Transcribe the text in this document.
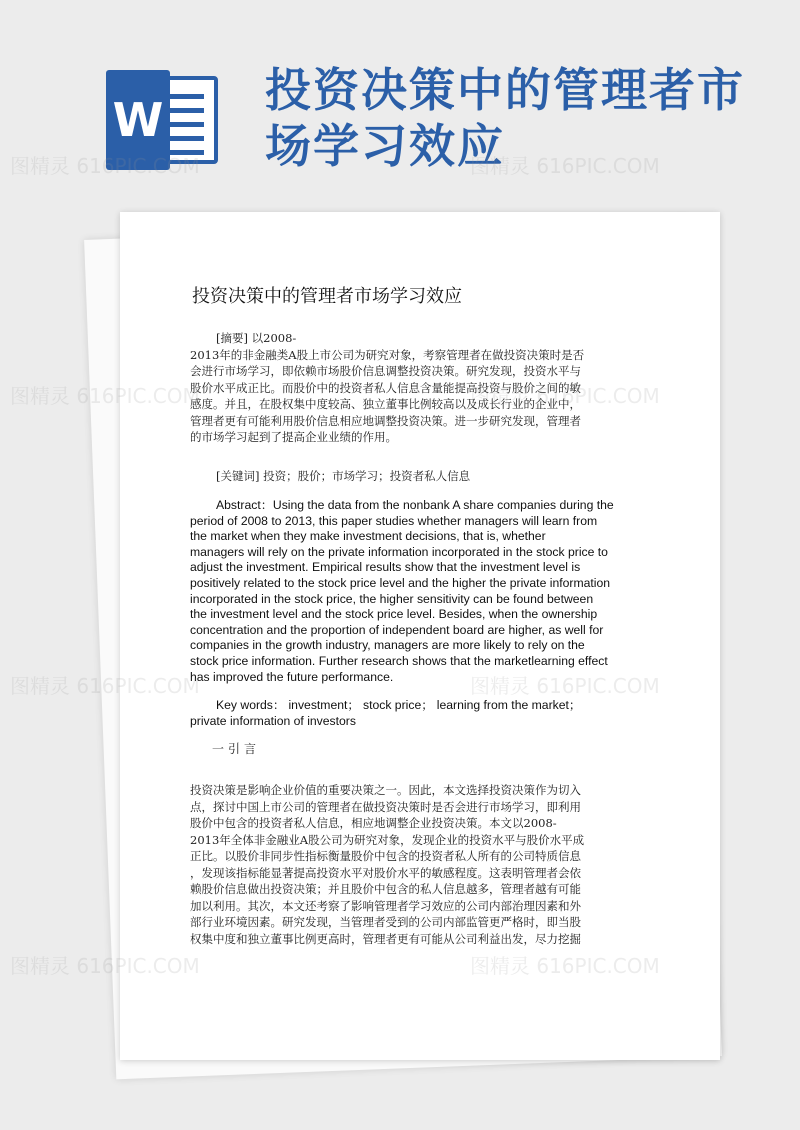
W
投资决策中的管理者市
场学习效应
投资决策中的管理者市场学习效应
[摘要] 以2008-
2013年的非金融类A股上市公司为研究对象，考察管理者在做投资决策时是否
会进行市场学习，即依赖市场股价信息调整投资决策。研究发现，投资水平与
股价水平成正比。而股价中的投资者私人信息含量能提高投资与股价之间的敏
感度。并且，在股权集中度较高、独立董事比例较高以及成长行业的企业中，
管理者更有可能利用股价信息相应地调整投资决策。进一步研究发现，管理者
的市场学习起到了提高企业业绩的作用。
[关键词] 投资；股价；市场学习；投资者私人信息
Abstract：Using the data from the nonbank A share companies during the
period of 2008 to 2013, this paper studies whether managers will learn from
the market when they make investment decisions, that is, whether
managers will rely on the private information incorporated in the stock price to
adjust the investment. Empirical results show that the investment level is
positively related to the stock price level and the higher the private information
incorporated in the stock price, the higher sensitivity can be found between
the investment level and the stock price level. Besides, when the ownership
concentration and the proportion of independent board are higher, as well for
companies in the growth industry, managers are more likely to rely on the
stock price information. Further research shows that the marketlearning effect
has improved the future performance.
Key words： investment； stock price； learning from the market；
private information of investors
一引言
投资决策是影响企业价值的重要决策之一。因此，本文选择投资决策作为切入
点，探讨中国上市公司的管理者在做投资决策时是否会进行市场学习，即利用
股价中包含的投资者私人信息，相应地调整企业投资决策。本文以2008-
2013年全体非金融业A股公司为研究对象，发现企业的投资水平与股价水平成
正比。以股价非同步性指标衡量股价中包含的投资者私人所有的公司特质信息
，发现该指标能显著提高投资水平对股价水平的敏感程度。这表明管理者会依
赖股价信息做出投资决策；并且股价中包含的私人信息越多，管理者越有可能
加以利用。其次，本文还考察了影响管理者学习效应的公司内部治理因素和外
部行业环境因素。研究发现，当管理者受到的公司内部监管更严格时，即当股
权集中度和独立董事比例更高时，管理者更有可能从公司利益出发，尽力挖掘
图精灵 616PIC.COM	图精灵 616PIC.COM
图精灵
图精灵
图精灵 616PIC.COM
